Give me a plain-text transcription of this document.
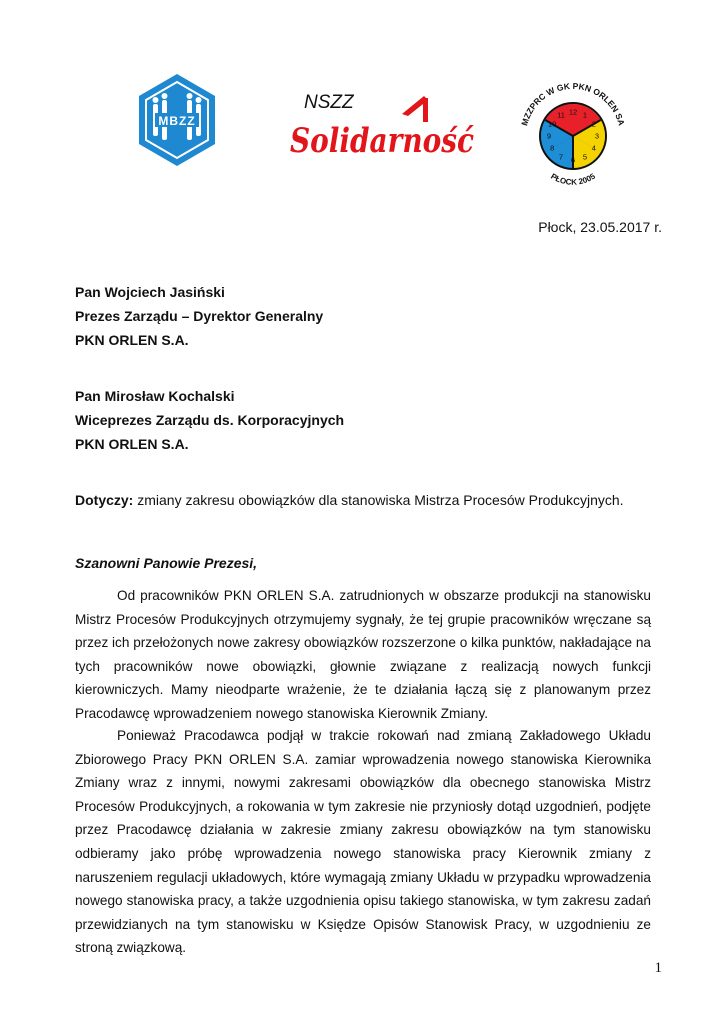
MBZZ
NSZZ
Solidarność	MZZPRC W GK PKN ORLEN SA
12 1
2
3
4
5
6
7
8
9
10
11
PŁOCK 2005
Płock, 23.05.2017 r.
Pan Wojciech Jasiński
Prezes Zarządu – Dyrektor Generalny
PKN ORLEN S.A.
Pan Mirosław Kochalski
Wiceprezes Zarządu ds. Korporacyjnych
PKN ORLEN S.A.
Dotyczy: zmiany zakresu obowiązków dla stanowiska Mistrza Procesów Produkcyjnych.
Szanowni Panowie Prezesi,

Od pracowników PKN ORLEN S.A. zatrudnionych w obszarze produkcji na stanowisku Mistrz Procesów Produkcyjnych otrzymujemy sygnały, że tej grupie pracowników wręczane są przez ich przełożonych nowe zakresy obowiązków rozszerzone o kilka punktów, nakładające na tych pracowników nowe obowiązki, głownie związane z realizacją nowych funkcji kierowniczych. Mamy nieodparte wrażenie, że te działania łączą się z planowanym przez Pracodawcę wprowadzeniem nowego stanowiska Kierownik Zmiany.

Ponieważ Pracodawca podjął w trakcie rokowań nad zmianą Zakładowego Układu Zbiorowego Pracy PKN ORLEN S.A. zamiar wprowadzenia nowego stanowiska Kierownika Zmiany wraz z innymi, nowymi zakresami obowiązków dla obecnego stanowiska Mistrz Procesów Produkcyjnych, a rokowania w tym zakresie nie przyniosły dotąd uzgodnień, podjęte przez Pracodawcę działania w zakresie zmiany zakresu obowiązków na tym stanowisku odbieramy jako próbę wprowadzenia nowego stanowiska pracy Kierownik zmiany z naruszeniem regulacji układowych, które wymagają zmiany Układu w przypadku wprowadzenia nowego stanowiska pracy, a także uzgodnienia opisu takiego stanowiska, w tym zakresu zadań przewidzianych na tym stanowisku w Księdze Opisów Stanowisk Pracy, w uzgodnieniu ze stroną związkową.

1
